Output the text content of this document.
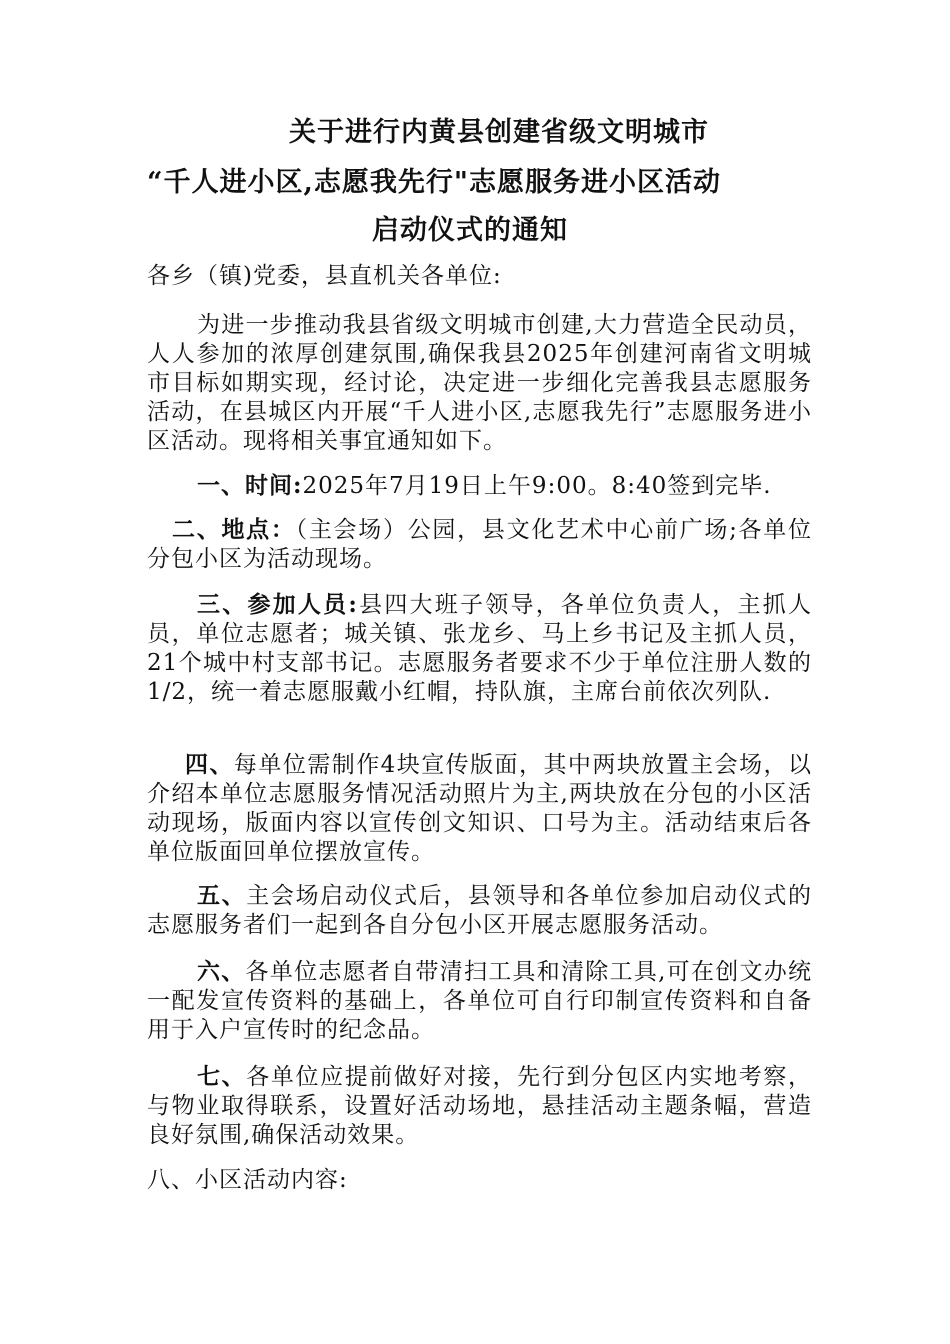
关于进行内黄县创建省级文明城市
“千人进小区,志愿我先行"志愿服务进小区活动
启动仪式的通知

各乡（镇)党委，县直机关各单位:

为进一步推动我县省级文明城市创建,大力营造全民动员，人人参加的浓厚创建氛围,确保我县2025年创建河南省文明城市目标如期实现，经讨论，决定进一步细化完善我县志愿服务活动，在县城区内开展“千人进小区,志愿我先行”志愿服务进小区活动。现将相关事宜通知如下。

一、时间:2025年7月19日上午9:00。8:40签到完毕.

二、地点：（主会场）公园，县文化艺术中心前广场;各单位分包小区为活动现场。

三、参加人员:县四大班子领导，各单位负责人，主抓人员，单位志愿者；城关镇、张龙乡、马上乡书记及主抓人员，21个城中村支部书记。志愿服务者要求不少于单位注册人数的1/2，统一着志愿服戴小红帽，持队旗，主席台前依次列队.

四、每单位需制作4块宣传版面，其中两块放置主会场，以介绍本单位志愿服务情况活动照片为主,两块放在分包的小区活动现场，版面内容以宣传创文知识、口号为主。活动结束后各单位版面回单位摆放宣传。

五、主会场启动仪式后，县领导和各单位参加启动仪式的志愿服务者们一起到各自分包小区开展志愿服务活动。

六、各单位志愿者自带清扫工具和清除工具,可在创文办统一配发宣传资料的基础上，各单位可自行印制宣传资料和自备用于入户宣传时的纪念品。

七、各单位应提前做好对接，先行到分包区内实地考察，与物业取得联系，设置好活动场地，悬挂活动主题条幅，营造良好氛围,确保活动效果。

八、小区活动内容:
